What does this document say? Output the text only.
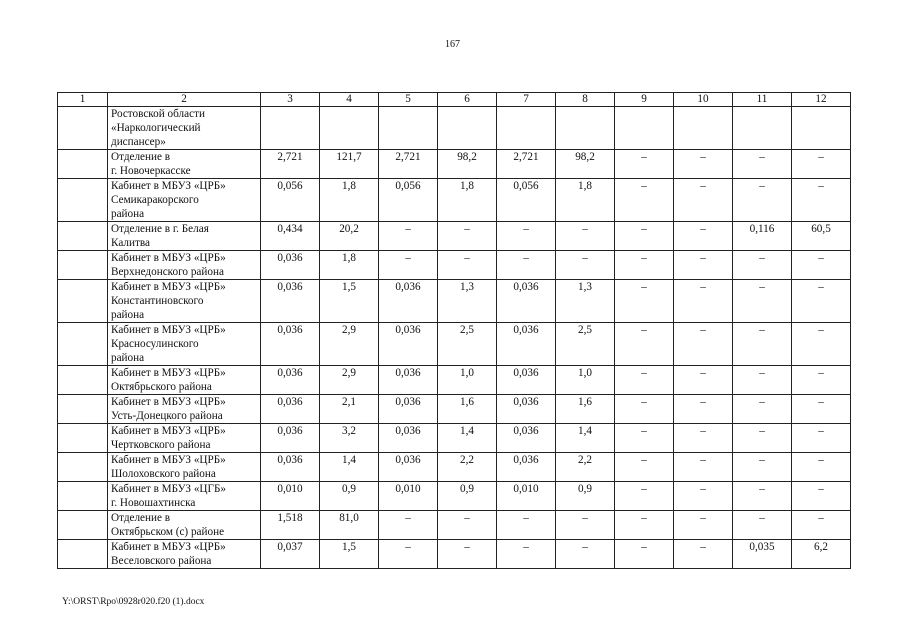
167
1	2	3	4	5	6	7	8	9	10	11	12

	Ростовской области
«Наркологический
диспансер»										

	Отделение в
г. Новочеркасске	2,721	121,7	2,721	98,2	2,721	98,2	–	–	–	–

	Кабинет в МБУЗ «ЦРБ»
Семикаракорского
района	0,056	1,8	0,056	1,8	0,056	1,8	–	–	–	–

	Отделение в г. Белая
Калитва	0,434	20,2	–	–	–	–	–	–	0,116	60,5

	Кабинет в МБУЗ «ЦРБ»
Верхнедонского района	0,036	1,8	–	–	–	–	–	–	–	–

	Кабинет в МБУЗ «ЦРБ»
Константиновского
района	0,036	1,5	0,036	1,3	0,036	1,3	–	–	–	–

	Кабинет в МБУЗ «ЦРБ»
Красносулинского
района	0,036	2,9	0,036	2,5	0,036	2,5	–	–	–	–

	Кабинет в МБУЗ «ЦРБ»
Октябрьского района	0,036	2,9	0,036	1,0	0,036	1,0	–	–	–	–

	Кабинет в МБУЗ «ЦРБ»
Усть-Донецкого района	0,036	2,1	0,036	1,6	0,036	1,6	–	–	–	–

	Кабинет в МБУЗ «ЦРБ»
Чертковского района	0,036	3,2	0,036	1,4	0,036	1,4	–	–	–	–

	Кабинет в МБУЗ «ЦРБ»
Шолоховского района	0,036	1,4	0,036	2,2	0,036	2,2	–	–	–	–

	Кабинет в МБУЗ «ЦГБ»
г. Новошахтинска	0,010	0,9	0,010	0,9	0,010	0,9	–	–	–	–

	Отделение в
Октябрьском (с) районе	1,518	81,0	–	–	–	–	–	–	–	–

	Кабинет в МБУЗ «ЦРБ»
Веселовского района	0,037	1,5	–	–	–	–	–	–	0,035	6,2
Y:\ORST\Rpo\0928r020.f20 (1).docx
